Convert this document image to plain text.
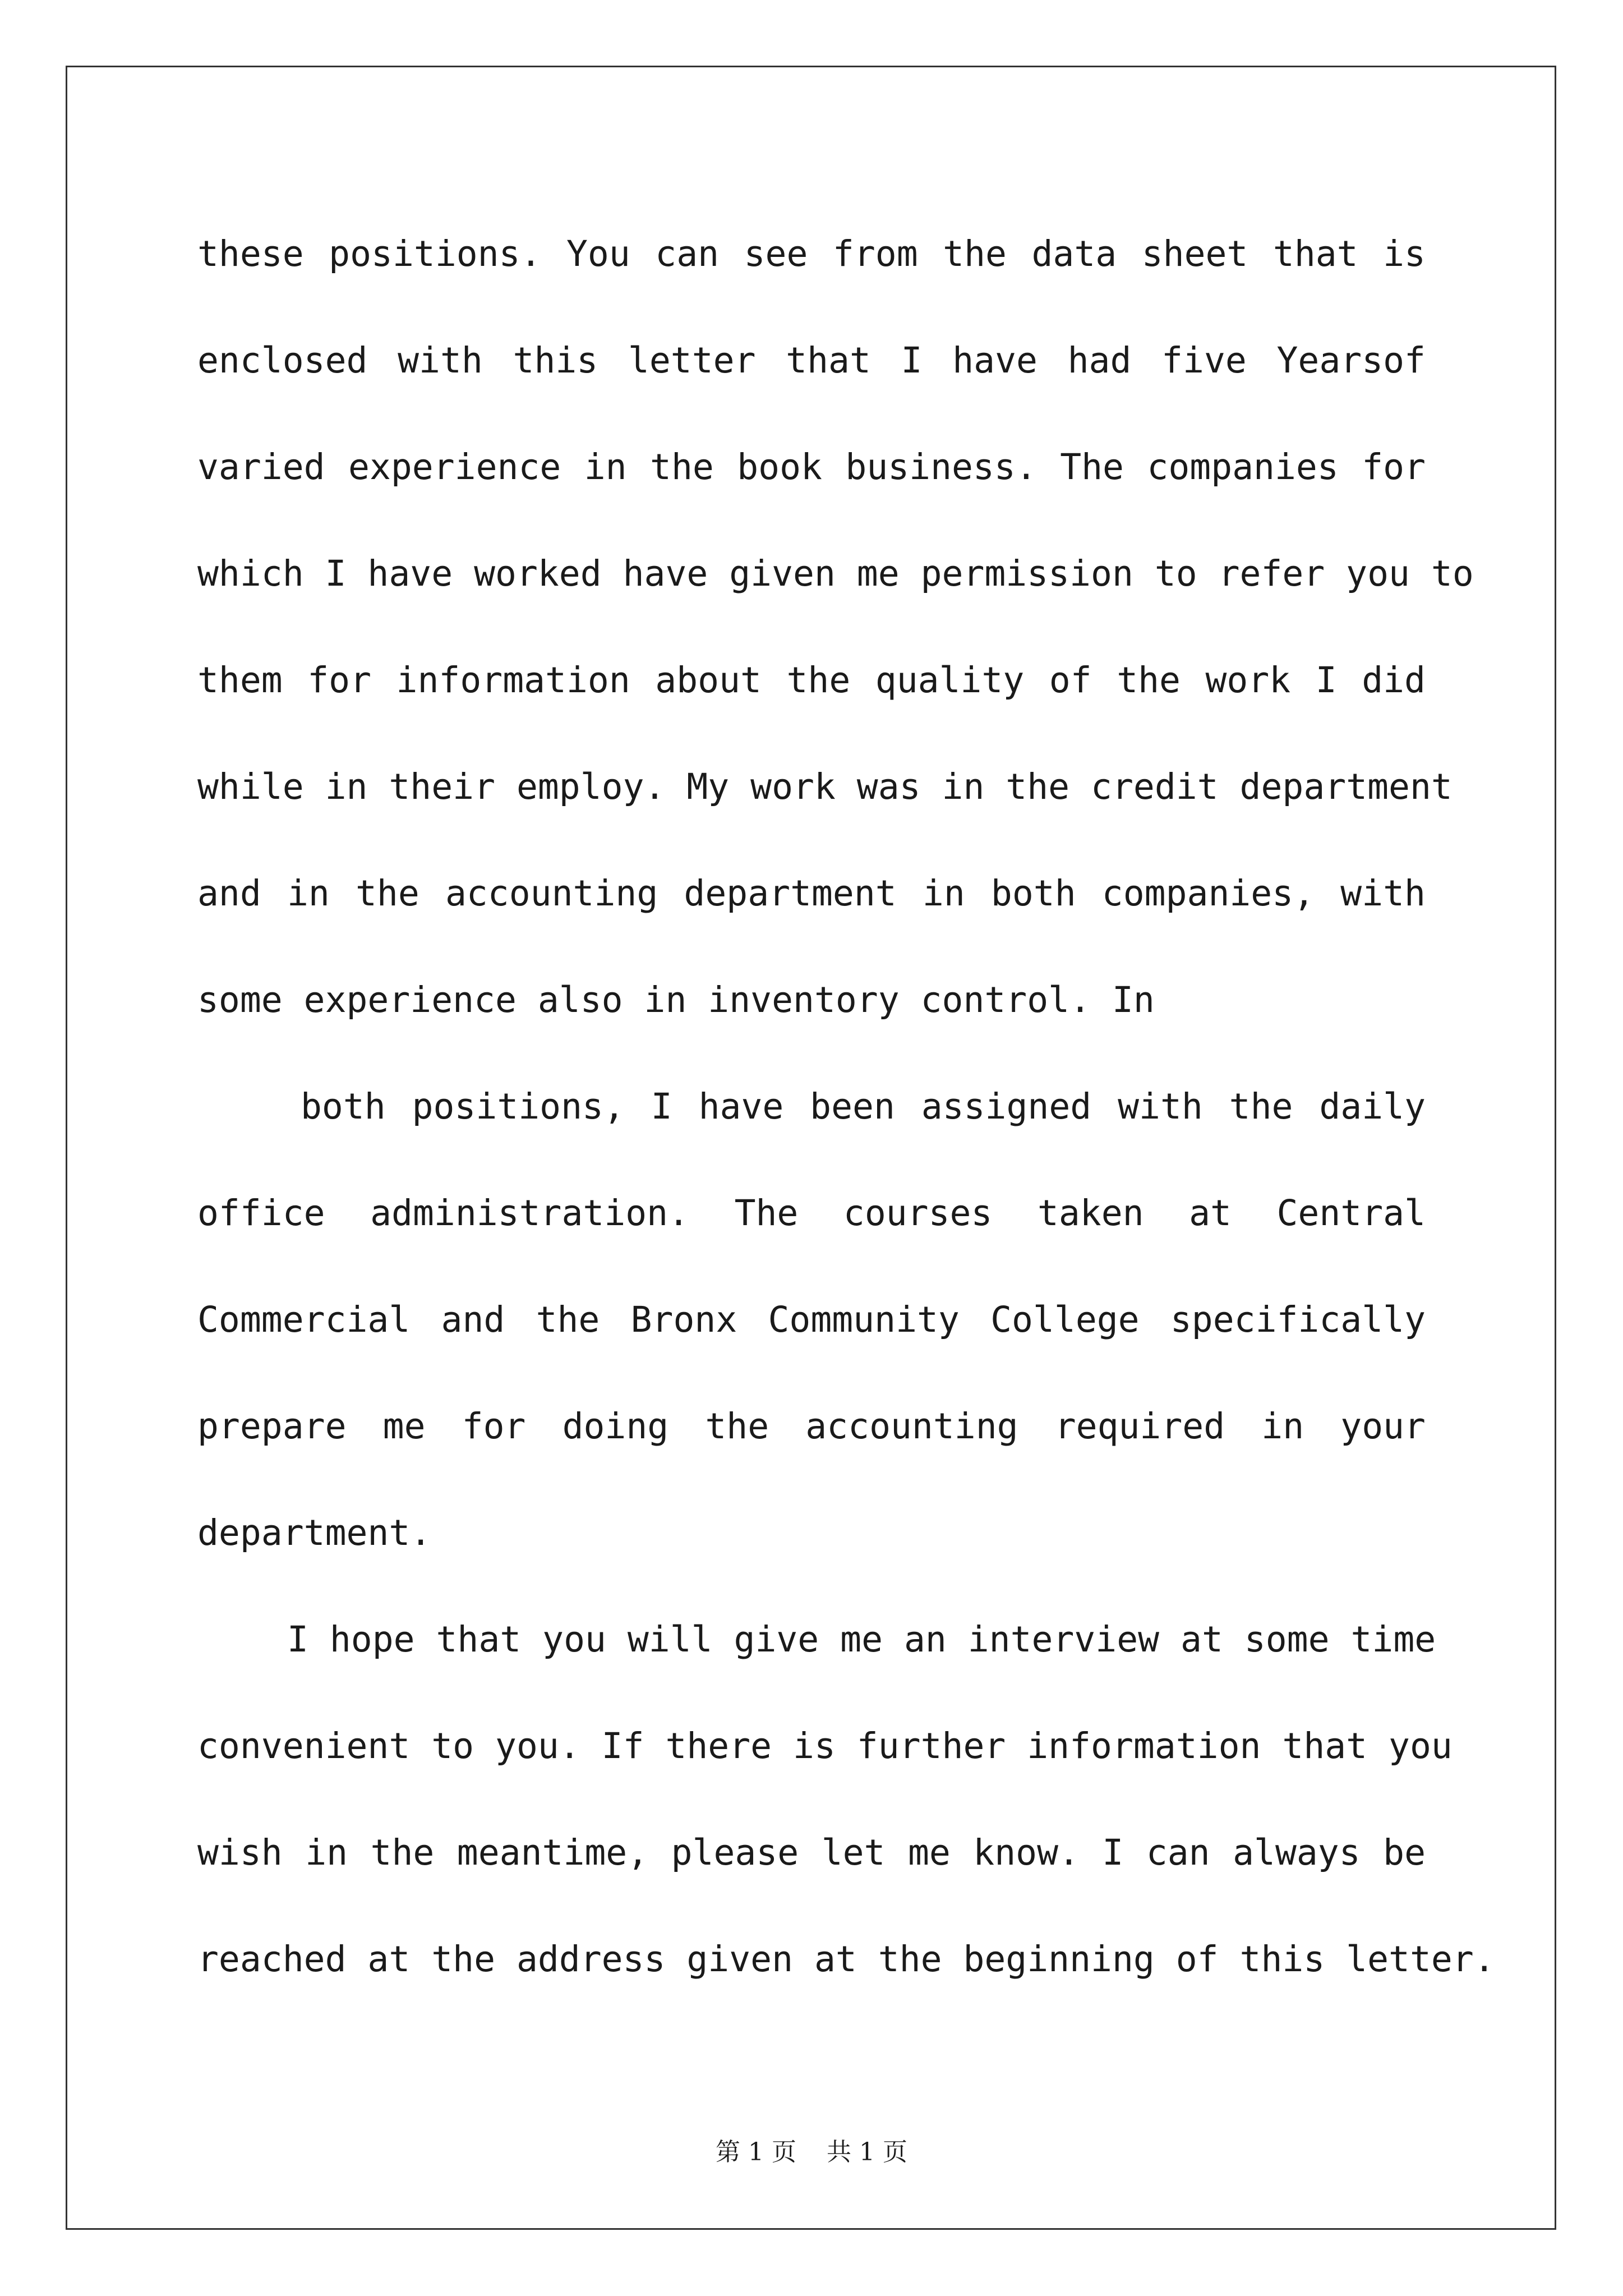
these positions. You can see from the data sheet that is
enclosed with this letter that I have had five Yearsof
varied experience in the book business. The companies for
which I have worked have given me permission to refer you to
them for information about the quality of the work I did
while in their employ. My work was in the credit department
and in the accounting department in both companies, with
some experience also in inventory control. In
both positions, I have been assigned with the daily
office administration. The courses taken at Central
Commercial and the Bronx Community College specifically
prepare me for doing the accounting required in your
department.
I hope that you will give me an interview at some time
convenient to you. If there is further information that you
wish in the meantime, please let me know. I can always be
reached at the address given at the beginning of this letter.
第 1 页 共 1 页
